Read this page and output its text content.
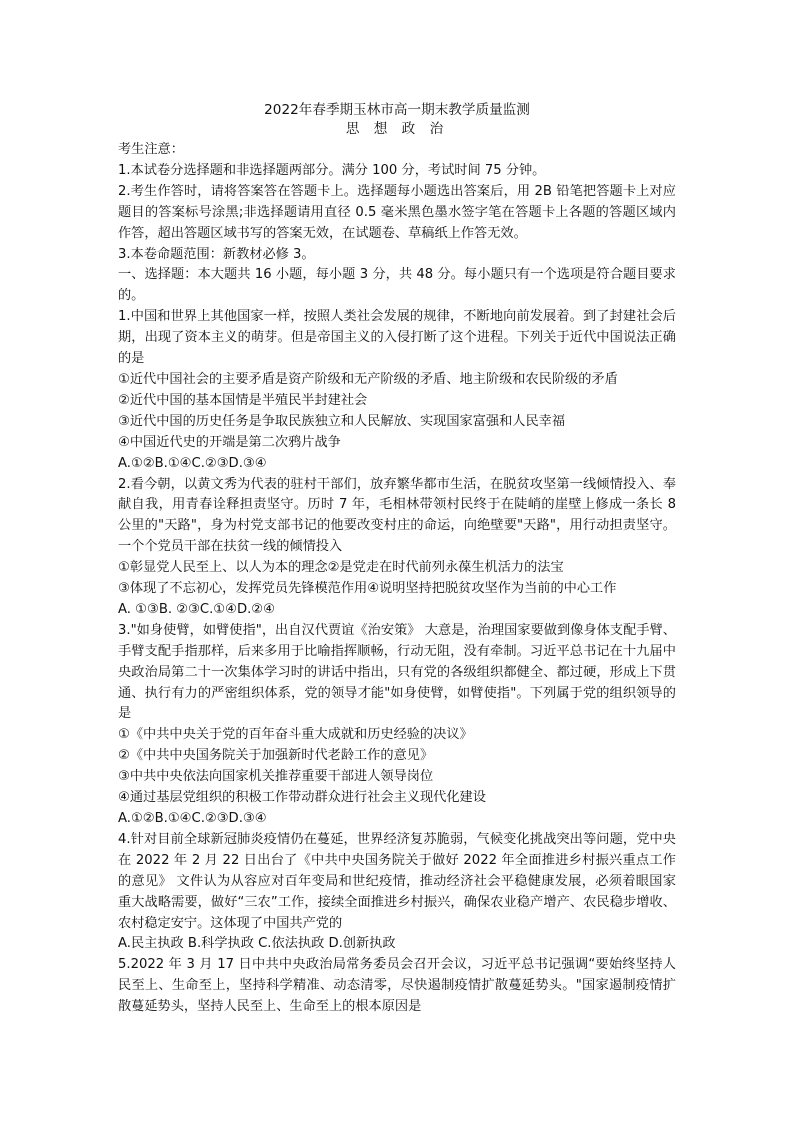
2022年春季期玉林市高一期末教学质量监测

思 想 政 治

考生注意：

1.本试卷分选择题和非选择题两部分。满分 100 分，考试时间 75 分钟。

2.考生作答时，请将答案答在答题卡上。选择题每小题选出答案后，用 2B 铅笔把答题卡上对应题目的答案标号涂黑;非选择题请用直径 0.5 毫米黑色墨水签字笔在答题卡上各题的答题区域内作答，超出答题区域书写的答案无效，在试题卷、草稿纸上作答无效。

3.本卷命题范围：新教材必修 3。

一、选择题：本大题共 16 小题，每小题 3 分，共 48 分。每小题只有一个选项是符合题目要求的。

1.中国和世界上其他国家一样，按照人类社会发展的规律，不断地向前发展着。到了封建社会后期，出现了资本主义的萌芽。但是帝国主义的入侵打断了这个进程。下列关于近代中国说法正确的是

①近代中国社会的主要矛盾是资产阶级和无产阶级的矛盾、地主阶级和农民阶级的矛盾

②近代中国的基本国情是半殖民半封建社会

③近代中国的历史任务是争取民族独立和人民解放、实现国家富强和人民幸福

④中国近代史的开端是第二次鸦片战争

A.①②B.①④C.②③D.③④

2.看今朝，以黄文秀为代表的驻村干部们，放弃繁华都市生活，在脱贫攻坚第一线倾情投入、奉献自我，用青春诠释担责坚守。历时 7 年，毛相林带领村民终于在陡峭的崖壁上修成一条长 8 公里的"天路"，身为村党支部书记的他要改变村庄的命运，向绝壁要"天路"，用行动担责坚守。一个个党员干部在扶贫一线的倾情投入

①彰显党人民至上、以人为本的理念②是党走在时代前列永葆生机活力的法宝

③体现了不忘初心，发挥党员先锋模范作用④说明坚持把脱贫攻坚作为当前的中心工作

A. ①③B. ②③C.①④D.②④

3."如身使臂，如臂使指"，出自汉代贾谊《治安策》 大意是，治理国家要做到像身体支配手臂、手臂支配手指那样，后来多用于比喻指挥顺畅，行动无阻，没有牵制。习近平总书记在十九届中央政治局第二十一次集体学习时的讲话中指出，只有党的各级组织都健全、都过硬，形成上下贯通、执行有力的严密组织体系，党的领导才能"如身使臂，如臂使指"。下列属于党的组织领导的是

①《中共中央关于党的百年奋斗重大成就和历史经验的决议》

②《中共中央国务院关于加强新时代老龄工作的意见》

③中共中央依法向国家机关推荐重要干部进人领导岗位

④通过基层党组织的积极工作带动群众进行社会主义现代化建设

A.①②B.①④C.②③D.③④

4.针对目前全球新冠肺炎疫情仍在蔓延，世界经济复苏脆弱，气候变化挑战突出等问题，党中央在 2022 年 2 月 22 日出台了《中共中央国务院关于做好 2022 年全面推进乡村振兴重点工作的意见》 文件认为从容应对百年变局和世纪疫情，推动经济社会平稳健康发展，必须着眼国家重大战略需要，做好“三农”工作，接续全面推进乡村振兴，确保农业稳产增产、农民稳步增收、农村稳定安宁。这体现了中国共产党的

A.民主执政 B.科学执政 C.依法执政 D.创新执政

5.2022 年 3 月 17 日中共中央政治局常务委员会召开会议，习近平总书记强调“要始终坚持人民至上、生命至上，坚持科学精准、动态清零，尽快遏制疫情扩散蔓延势头。"国家遏制疫情扩散蔓延势头，坚持人民至上、生命至上的根本原因是
